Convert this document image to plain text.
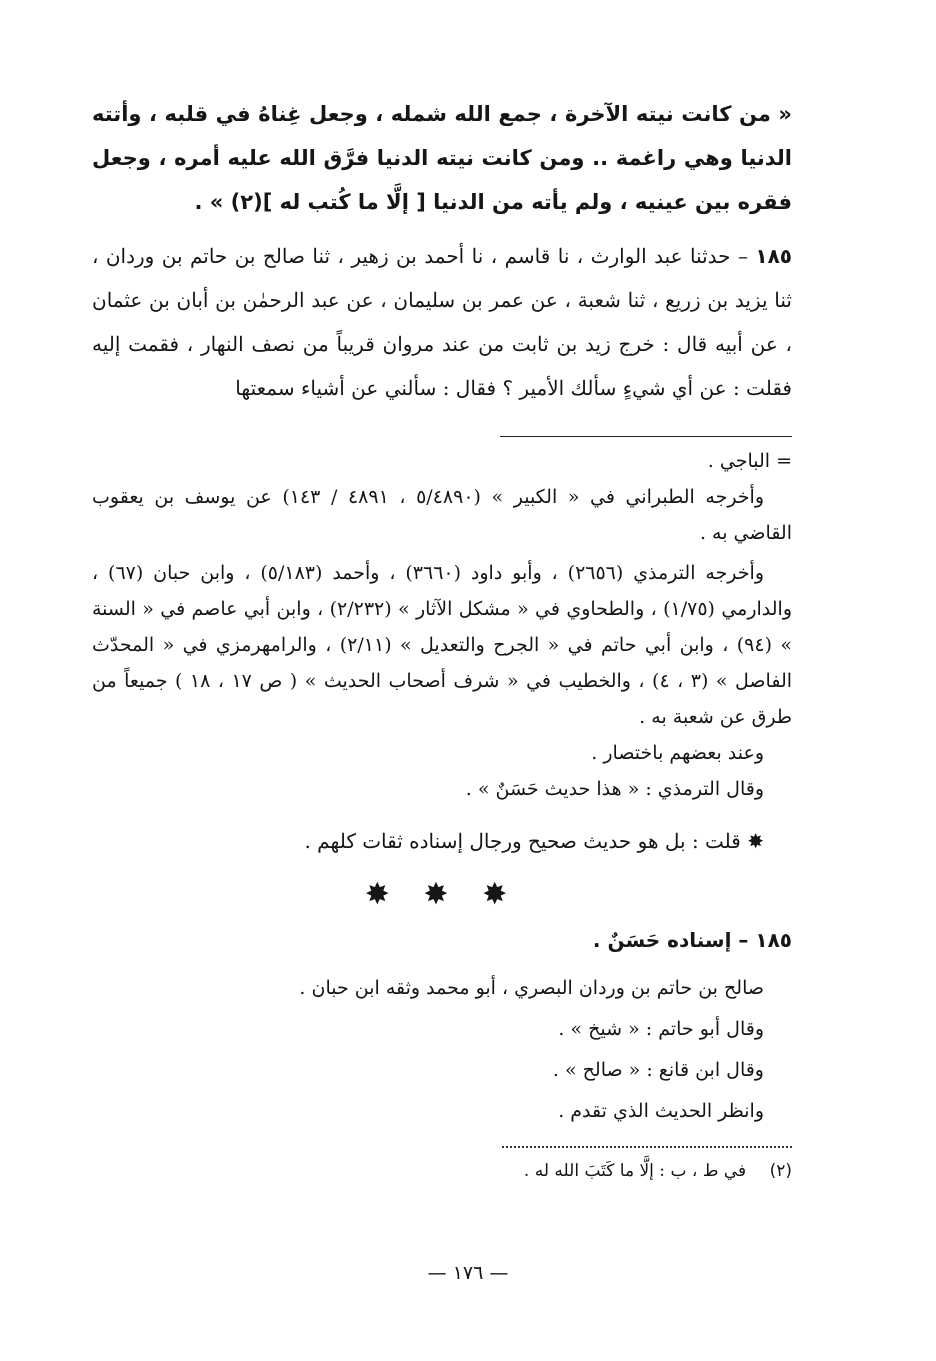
« من كانت نيته الآخرة ، جمع الله شمله ، وجعل غِناهُ في قلبه ، وأتته الدنيا وهي راغمة .. ومن كانت نيته الدنيا فرَّق الله عليه أمره ، وجعل فقره بين عينيه ، ولم يأته من الدنيا [ إلَّا ما كُتب له ](٢) » .

١٨٥ – حدثنا عبد الوارث ، نا قاسم ، نا أحمد بن زهير ، ثنا صالح بن حاتم بن وردان ، ثنا يزيد بن زريع ، ثنا شعبة ، عن عمر بن سليمان ، عن عبد الرحمٰن بن أبان بن عثمان ، عن أبيه قال : خرج زيد بن ثابت من عند مروان قريباً من نصف النهار ، فقمت إليه فقلت : عن أي شيءٍ سألك الأمير ؟ فقال : سألني عن أشياء سمعتها

= الباجي .

وأخرجه الطبراني في « الكبير » (٥/٤٨٩٠ ، ٤٨٩١ / ١٤٣) عن يوسف بن يعقوب القاضي به .

وأخرجه الترمذي (٢٦٥٦) ، وأبو داود (٣٦٦٠) ، وأحمد (٥/١٨٣) ، وابن حبان (٦٧) ، والدارمي (١/٧٥) ، والطحاوي في « مشكل الآثار » (٢/٢٣٢) ، وابن أبي عاصم في « السنة » (٩٤) ، وابن أبي حاتم في « الجرح والتعديل » (٢/١١) ، والرامهرمزي في « المحدّث الفاصل » (٣ ، ٤) ، والخطيب في « شرف أصحاب الحديث » ( ص ١٧ ، ١٨ ) جميعاً من طرق عن شعبة به .

وعند بعضهم باختصار .

وقال الترمذي : « هذا حديث حَسَنٌ » .

✸ قلت : بل هو حديث صحيح ورجال إسناده ثقات كلهم .

✸ ✸ ✸

١٨٥ – إسناده حَسَنٌ .

صالح بن حاتم بن وردان البصري ، أبو محمد وثقه ابن حبان .

وقال أبو حاتم : « شيخ » .

وقال ابن قانع : « صالح » .

وانظر الحديث الذي تقدم .

(٢) في ط ، ب : إلَّا ما كَتَبَ الله له .

— ١٧٦ —
